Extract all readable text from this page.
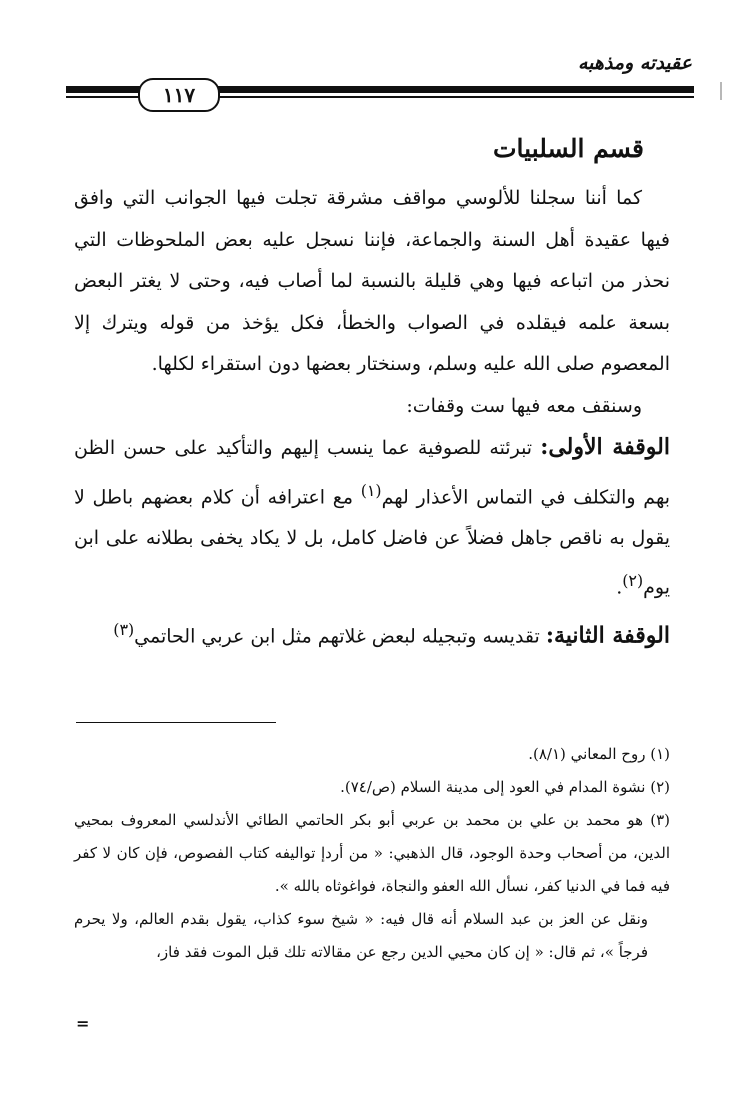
عقيدته ومذهبه
١١٧
قسم السلبيات

كما أننا سجلنا للألوسي مواقف مشرقة تجلت فيها الجوانب التي وافق فيها عقيدة أهل السنة والجماعة، فإننا نسجل عليه بعض الملحوظات التي نحذر من اتباعه فيها وهي قليلة بالنسبة لما أصاب فيه، وحتى لا يغتر البعض بسعة علمه فيقلده في الصواب والخطأ، فكل يؤخذ من قوله ويترك إلا المعصوم صلى الله عليه وسلم، وسنختار بعضها دون استقراء لكلها.

وسنقف معه فيها ست وقفات:

الوقفة الأولى: تبرئته للصوفية عما ينسب إليهم والتأكيد على حسن الظن بهم والتكلف في التماس الأعذار لهم$^{(١)}$ مع اعترافه أن كلام بعضهم باطل لا يقول به ناقص جاهل فضلاً عن فاضل كامل، بل لا يكاد يخفى بطلانه على ابن يوم$^{(٢)}$.

الوقفة الثانية: تقديسه وتبجيله لبعض غلاتهم مثل ابن عربي الحاتمي$^{(٣)}$

(١) روح المعاني (٨/١).

(٢) نشوة المدام في العود إلى مدينة السلام (ص/٧٤).

(٣) هو محمد بن علي بن محمد بن عربي أبو بكر الحاتمي الطائي الأندلسي المعروف بمحيي الدين، من أصحاب وحدة الوجود، قال الذهبي: « من أردإ تواليفه كتاب الفصوص، فإن كان لا كفر فيه فما في الدنيا كفر، نسأل الله العفو والنجاة، فواغوثاه بالله ».

ونقل عن العز بن عبد السلام أنه قال فيه: « شيخ سوء كذاب، يقول بقدم العالم، ولا يحرم فرجاً »، ثم قال: « إن كان محيي الدين رجع عن مقالاته تلك قبل الموت فقد فاز،

=
